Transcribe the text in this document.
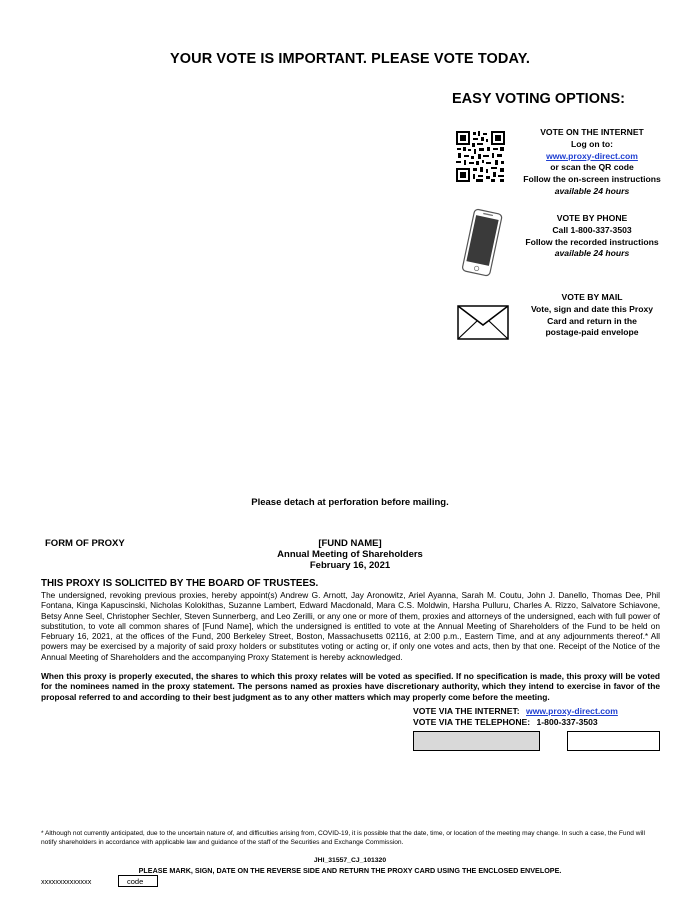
YOUR VOTE IS IMPORTANT. PLEASE VOTE TODAY.
EASY VOTING OPTIONS:
VOTE ON THE INTERNET
Log on to:
www.proxy-direct.com
or scan the QR code
Follow the on-screen instructions
available 24 hours
VOTE BY PHONE
Call 1-800-337-3503
Follow the recorded instructions
available 24 hours
VOTE BY MAIL
Vote, sign and date this Proxy
Card and return in the
postage-paid envelope
Please detach at perforation before mailing.
FORM OF PROXY	[FUND NAME]
Annual Meeting of Shareholders
February 16, 2021
THIS PROXY IS SOLICITED BY THE BOARD OF TRUSTEES.
The undersigned, revoking previous proxies, hereby appoint(s) Andrew G. Arnott, Jay Aronowitz, Ariel Ayanna, Sarah M. Coutu, John J. Danello, Thomas Dee, Phil Fontana, Kinga Kapuscinski, Nicholas Kolokithas, Suzanne Lambert, Edward Macdonald, Mara C.S. Moldwin, Harsha Pulluru, Charles A. Rizzo, Salvatore Schiavone, Betsy Anne Seel, Christopher Sechler, Steven Sunnerberg, and Leo Zerilli, or any one or more of them, proxies and attorneys of the undersigned, each with full power of substitution, to vote all common shares of [Fund Name], which the undersigned is entitled to vote at the Annual Meeting of Shareholders of the Fund to be held on February 16, 2021, at the offices of the Fund, 200 Berkeley Street, Boston, Massachusetts 02116, at 2:00 p.m., Eastern Time, and at any adjournments thereof.* All powers may be exercised by a majority of said proxy holders or substitutes voting or acting or, if only one votes and acts, then by that one. Receipt of the Notice of the Annual Meeting of Shareholders and the accompanying Proxy Statement is hereby acknowledged.
When this proxy is properly executed, the shares to which this proxy relates will be voted as specified. If no specification is made, this proxy will be voted for the nominees named in the proxy statement. The persons named as proxies have discretionary authority, which they intend to exercise in favor of the proposal referred to and according to their best judgment as to any other matters which may properly come before the meeting.
VOTE VIA THE INTERNET: www.proxy-direct.com
VOTE VIA THE TELEPHONE: 1-800-337-3503
* Although not currently anticipated, due to the uncertain nature of, and difficulties arising from, COVID-19, it is possible that the date, time, or location of the meeting may change. In such a case, the Fund will notify shareholders in accordance with applicable law and guidance of the staff of the Securities and Exchange Commission.
JHI_31557_CJ_101320
PLEASE MARK, SIGN, DATE ON THE REVERSE SIDE AND RETURN THE PROXY CARD USING THE ENCLOSED ENVELOPE.
xxxxxxxxxxxxxx	code
